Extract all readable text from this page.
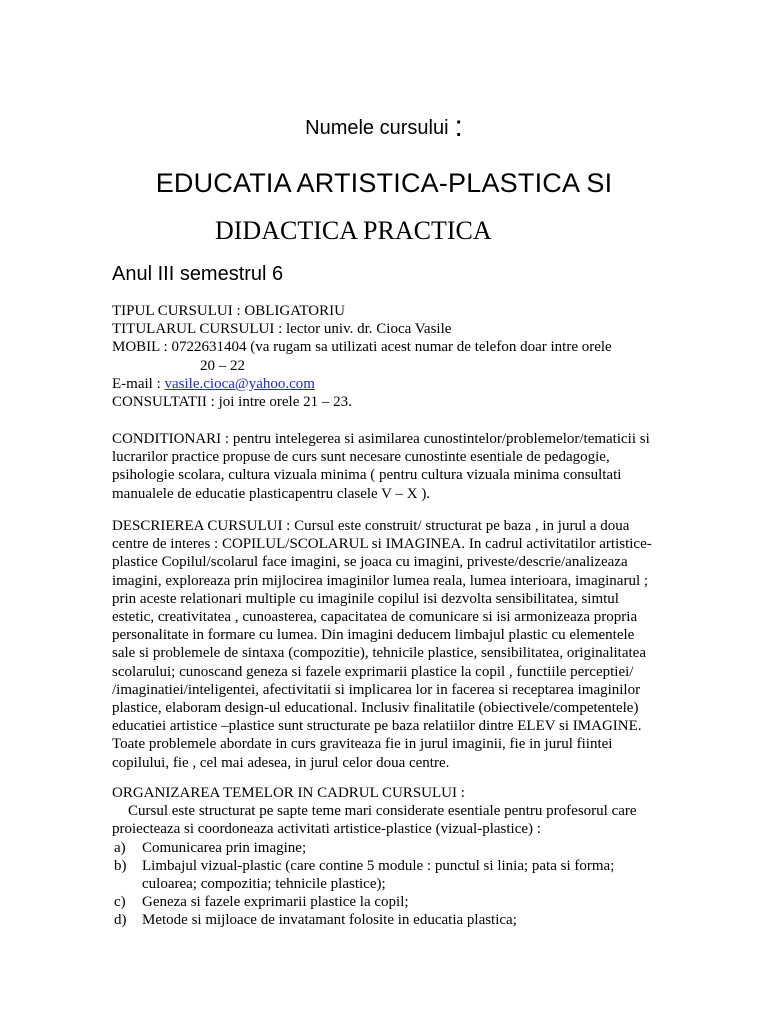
Numele cursului :
EDUCATIA ARTISTICA-PLASTICA SI
DIDACTICA PRACTICA
Anul III semestrul 6
TIPUL CURSULUI : OBLIGATORIU
TITULARUL CURSULUI : lector univ. dr. Cioca Vasile
MOBIL : 0722631404 (va rugam sa utilizati acest numar de telefon doar intre orele
20 – 22
E-mail : vasile.cioca@yahoo.com
CONSULTATII : joi intre orele 21 – 23.

CONDITIONARI : pentru intelegerea si asimilarea cunostintelor/problemelor/tematicii si lucrarilor practice propuse de curs sunt necesare cunostinte esentiale de pedagogie, psihologie scolara, cultura vizuala minima ( pentru cultura vizuala minima consultati manualele de educatie plasticapentru clasele V – X ).

DESCRIEREA CURSULUI : Cursul este construit/ structurat pe baza , in jurul a doua centre de interes : COPILUL/SCOLARUL si IMAGINEA. In cadrul activitatilor artistice-plastice Copilul/scolarul face imagini, se joaca cu imagini, priveste/descrie/analizeaza imagini, exploreaza prin mijlocirea imaginilor lumea reala, lumea interioara, imaginarul ; prin aceste relationari multiple cu imaginile copilul isi dezvolta sensibilitatea, simtul estetic, creativitatea , cunoasterea, capacitatea de comunicare si isi armonizeaza propria personalitate in formare cu lumea. Din imagini deducem limbajul plastic cu elementele sale si problemele de sintaxa (compozitie), tehnicile plastice, sensibilitatea, originalitatea scolarului; cunoscand geneza si fazele exprimarii plastice la copil , functiile perceptiei/ /imaginatiei/inteligentei, afectivitatii si implicarea lor in facerea si receptarea imaginilor plastice, elaboram design-ul educational. Inclusiv finalitatile (obiectivele/competentele) educatiei artistice –plastice sunt structurate pe baza relatiilor dintre ELEV si IMAGINE. Toate problemele abordate in curs graviteaza fie in jurul imaginii, fie in jurul fiintei copilului, fie , cel mai adesea, in jurul celor doua centre.

ORGANIZAREA TEMELOR IN CADRUL CURSULUI :

Cursul este structurat pe sapte teme mari considerate esentiale pentru profesorul care proiecteaza si coordoneaza activitati artistice-plastice (vizual-plastice) :

a)	Comunicarea prin imagine;
b)	Limbajul vizual-plastic (care contine 5 module : punctul si linia; pata si forma; culoarea; compozitia; tehnicile plastice);
c)	Geneza si fazele exprimarii plastice la copil;
d)	Metode si mijloace de invatamant folosite in educatia plastica;
